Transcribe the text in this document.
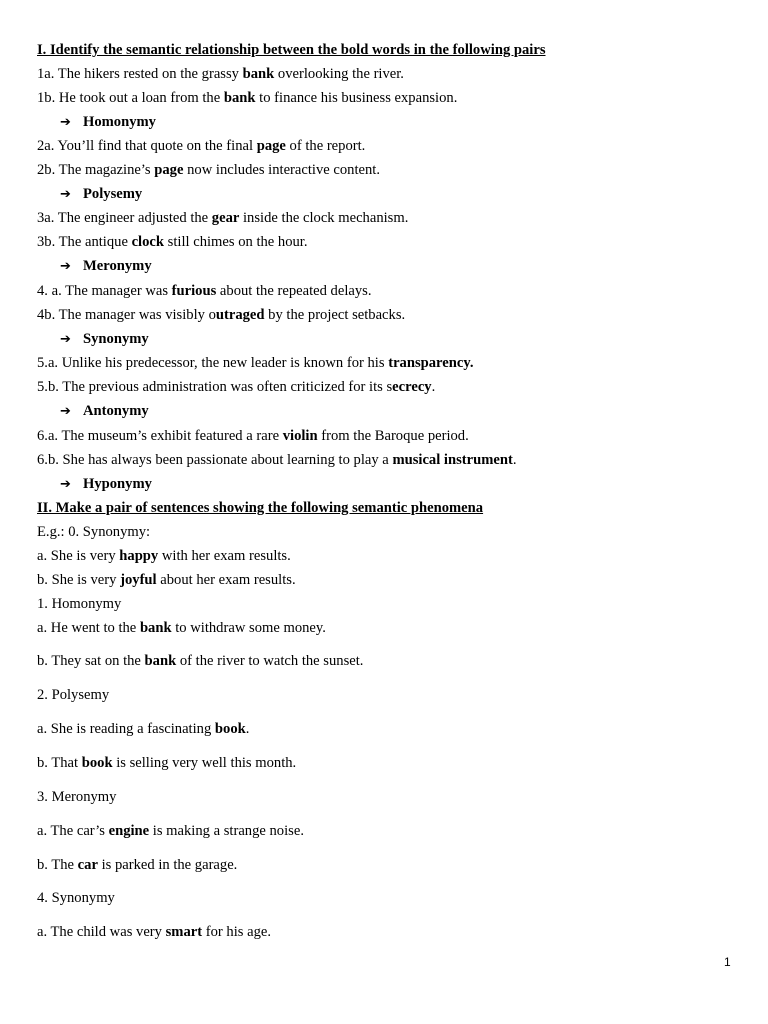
I. Identify the semantic relationship between the bold words in the following pairs
1a. The hikers rested on the grassy bank overlooking the river.
1b. He took out a loan from the bank to finance his business expansion.
➔ Homonymy
2a. You’ll find that quote on the final page of the report.
2b. The magazine’s page now includes interactive content.
➔ Polysemy
3a. The engineer adjusted the gear inside the clock mechanism.
3b. The antique clock still chimes on the hour.
➔ Meronymy
4. a. The manager was furious about the repeated delays.
4b. The manager was visibly outraged by the project setbacks.
➔ Synonymy
5.a. Unlike his predecessor, the new leader is known for his transparency.
5.b. The previous administration was often criticized for its secrecy.
➔ Antonymy
6.a. The museum’s exhibit featured a rare violin from the Baroque period.
6.b. She has always been passionate about learning to play a musical instrument.
➔ Hyponymy
II. Make a pair of sentences showing the following semantic phenomena
E.g.: 0. Synonymy:
a. She is very happy with her exam results.
b. She is very joyful about her exam results.
1. Homonymy
a. He went to the bank to withdraw some money.
b. They sat on the bank of the river to watch the sunset.
2. Polysemy
a. She is reading a fascinating book.
b. That book is selling very well this month.
3. Meronymy
a. The car’s engine is making a strange noise.
b. The car is parked in the garage.
4. Synonymy
a. The child was very smart for his age.
1
